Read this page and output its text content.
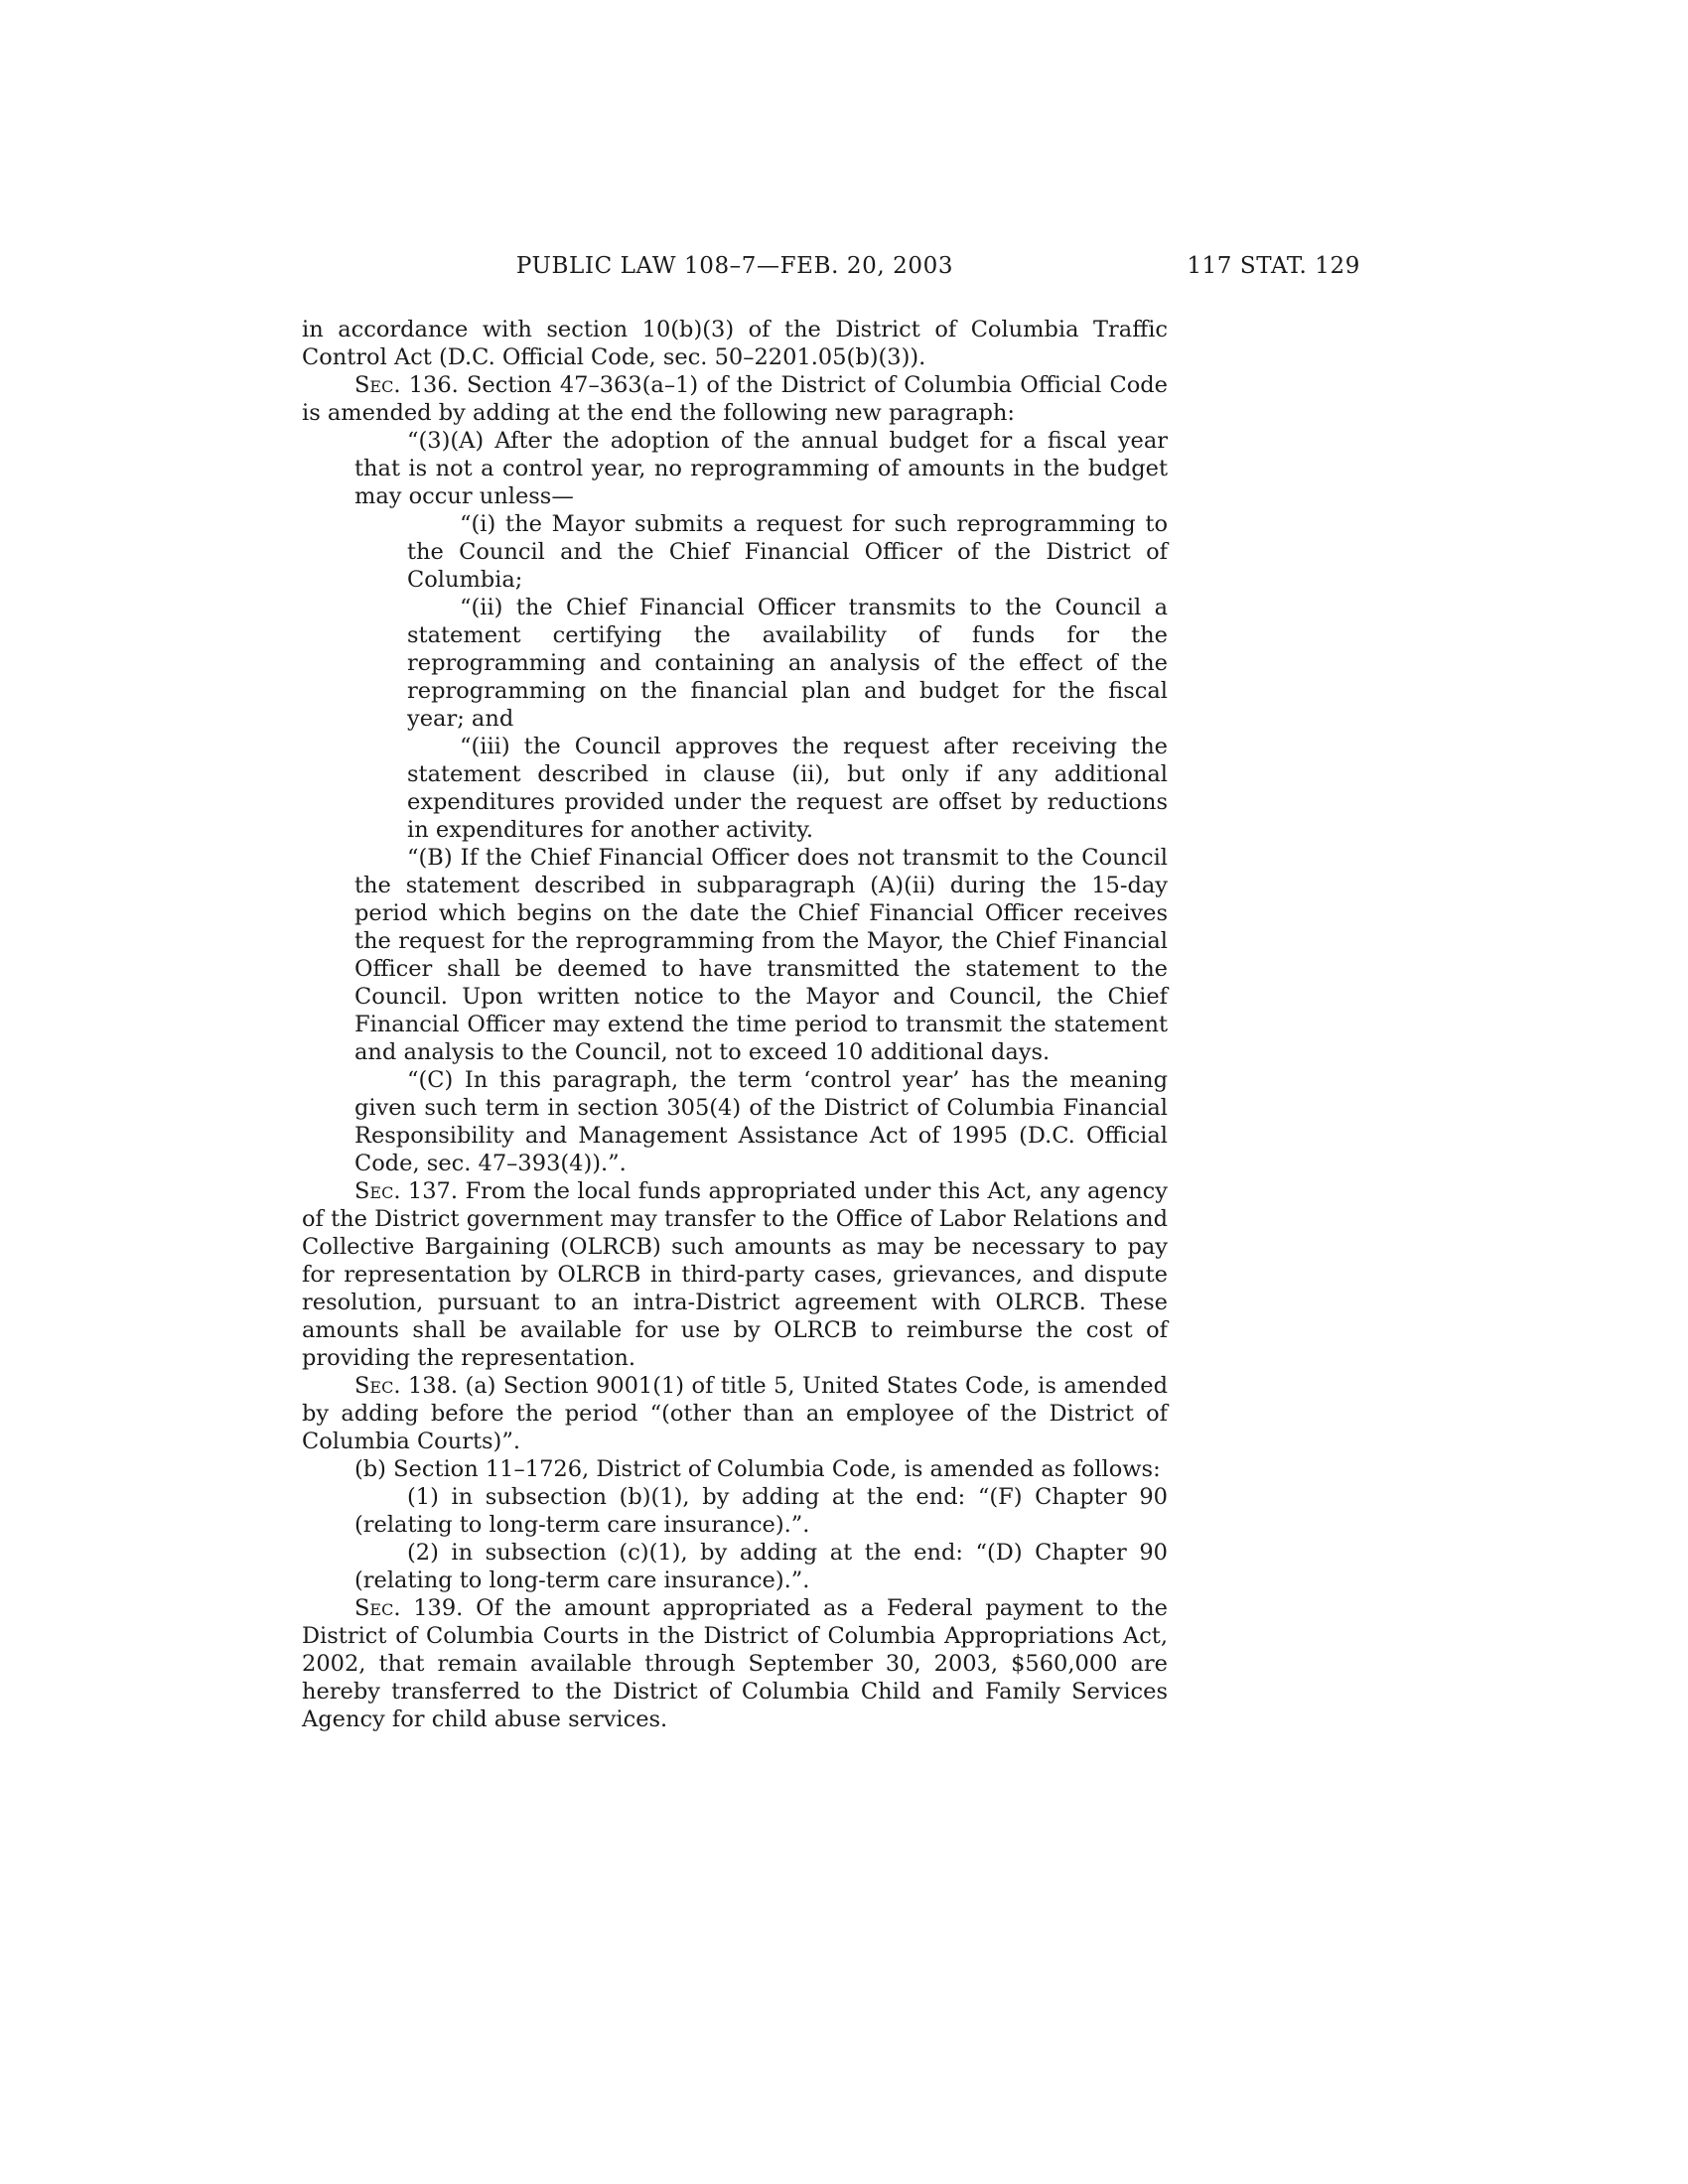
PUBLIC LAW 108–7—FEB. 20, 2003	117 STAT. 129

in accordance with section 10(b)(3) of the District of Columbia Traffic Control Act (D.C. Official Code, sec. 50–2201.05(b)(3)).

Sec. 136. Section 47–363(a–1) of the District of Columbia Official Code is amended by adding at the end the following new paragraph:

“(3)(A) After the adoption of the annual budget for a fiscal year that is not a control year, no reprogramming of amounts in the budget may occur unless—

“(i) the Mayor submits a request for such reprogramming to the Council and the Chief Financial Officer of the District of Columbia;

“(ii) the Chief Financial Officer transmits to the Council a statement certifying the availability of funds for the reprogramming and containing an analysis of the effect of the reprogramming on the financial plan and budget for the fiscal year; and

“(iii) the Council approves the request after receiving the statement described in clause (ii), but only if any additional expenditures provided under the request are offset by reductions in expenditures for another activity.

“(B) If the Chief Financial Officer does not transmit to the Council the statement described in subparagraph (A)(ii) during the 15-day period which begins on the date the Chief Financial Officer receives the request for the reprogramming from the Mayor, the Chief Financial Officer shall be deemed to have transmitted the statement to the Council. Upon written notice to the Mayor and Council, the Chief Financial Officer may extend the time period to transmit the statement and analysis to the Council, not to exceed 10 additional days.

“(C) In this paragraph, the term ‘control year’ has the meaning given such term in section 305(4) of the District of Columbia Financial Responsibility and Management Assistance Act of 1995 (D.C. Official Code, sec. 47–393(4)).”.

Sec. 137. From the local funds appropriated under this Act, any agency of the District government may transfer to the Office of Labor Relations and Collective Bargaining (OLRCB) such amounts as may be necessary to pay for representation by OLRCB in third-party cases, grievances, and dispute resolution, pursuant to an intra-District agreement with OLRCB. These amounts shall be available for use by OLRCB to reimburse the cost of providing the representation.

Sec. 138. (a) Section 9001(1) of title 5, United States Code, is amended by adding before the period “(other than an employee of the District of Columbia Courts)”.

(b) Section 11–1726, District of Columbia Code, is amended as follows:

(1) in subsection (b)(1), by adding at the end: “(F) Chapter 90 (relating to long-term care insurance).”.

(2) in subsection (c)(1), by adding at the end: “(D) Chapter 90 (relating to long-term care insurance).”.

Sec. 139. Of the amount appropriated as a Federal payment to the District of Columbia Courts in the District of Columbia Appropriations Act, 2002, that remain available through September 30, 2003, $560,000 are hereby transferred to the District of Columbia Child and Family Services Agency for child abuse services.
